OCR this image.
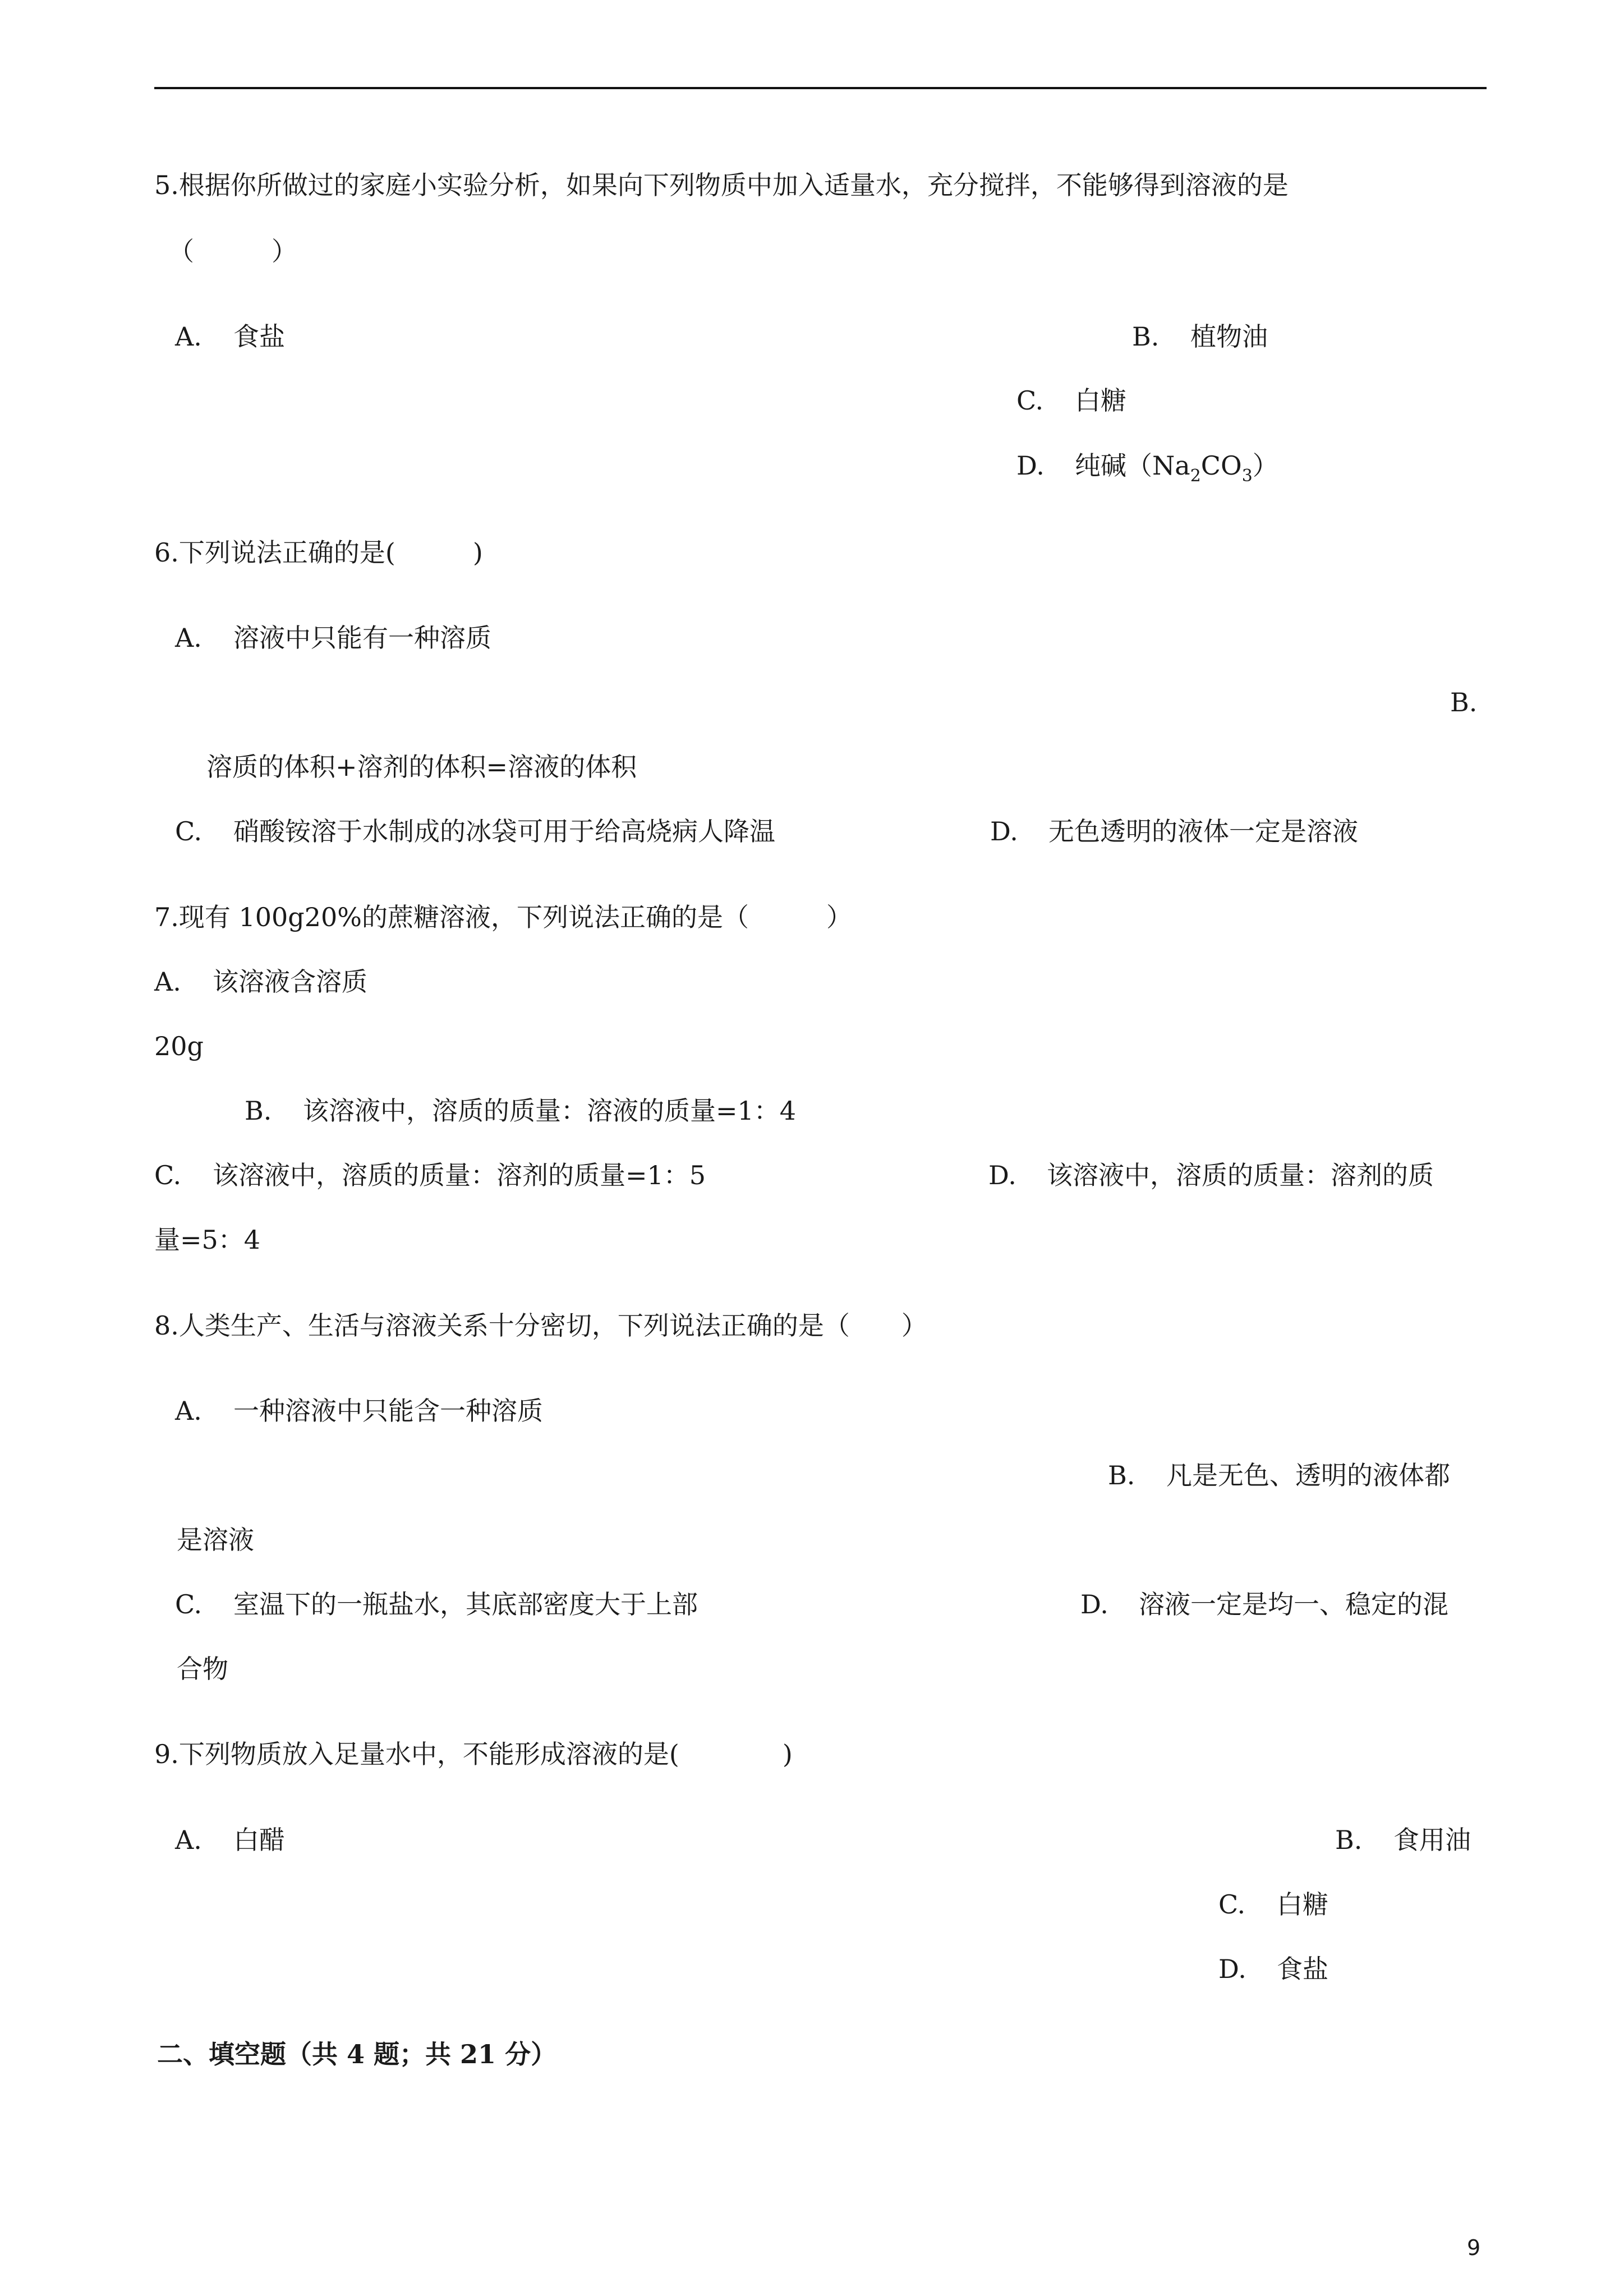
5.根据你所做过的家庭小实验分析，如果向下列物质中加入适量水，充分搅拌，不能够得到溶液的是
（　　　）
A. 食盐	B. 植物油
C. 白糖
D. 纯碱$(Na_2CO_3)$
6.下列说法正确的是(　　　)
A. 溶液中只能有一种溶质
B.
溶质的体积+溶剂的体积=溶液的体积
C. 硝酸铵溶于水制成的冰袋可用于给高烧病人降温	D. 无色透明的液体一定是溶液
7.现有 100g20%的蔗糖溶液，下列说法正确的是（　　　）
A. 该溶液含溶质
20g
B. 该溶液中，溶质的质量：溶液的质量=1：4
C. 该溶液中，溶质的质量：溶剂的质量=1：5	D. 该溶液中，溶质的质量：溶剂的质
量=5：4
8.人类生产、生活与溶液关系十分密切，下列说法正确的是（　　）
A. 一种溶液中只能含一种溶质
B. 凡是无色、透明的液体都
是溶液
C. 室温下的一瓶盐水，其底部密度大于上部	D. 溶液一定是均一、稳定的混
合物
9.下列物质放入足量水中，不能形成溶液的是(　　　　)
A. 白醋	B. 食用油
C. 白糖
D. 食盐
二、填空题（共 4 题；共 21 分）
9
